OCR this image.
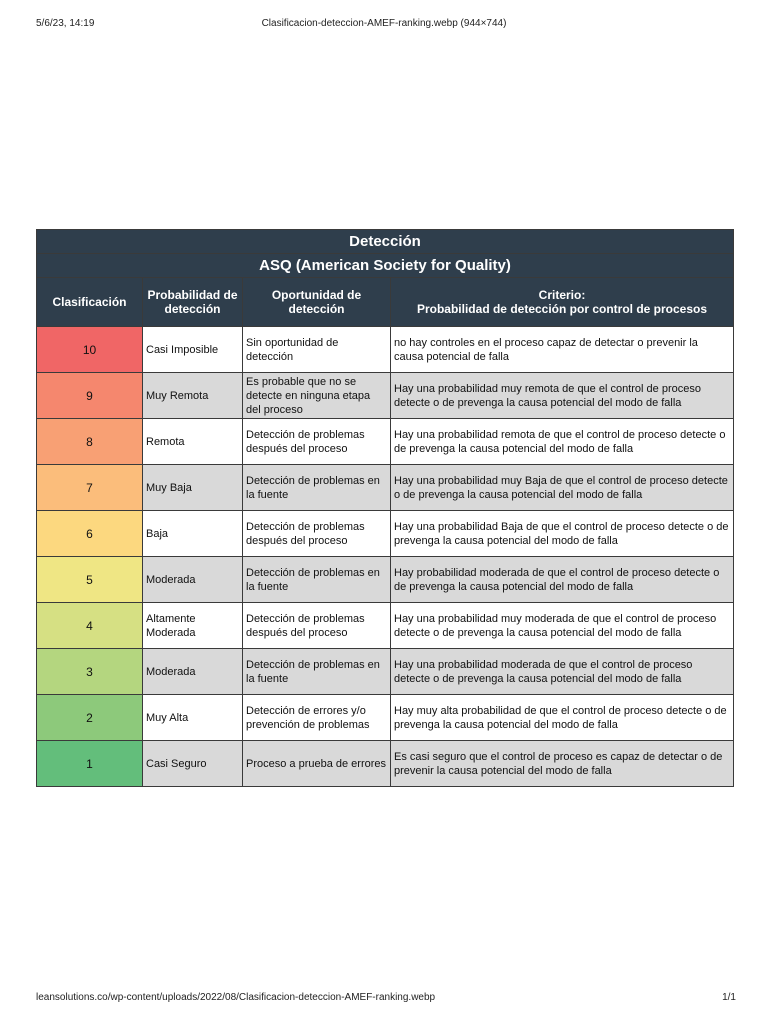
5/6/23, 14:19	Clasificacion-deteccion-AMEF-ranking.webp (944×744)
Detección			
ASQ (American Society for Quality)			
Clasificación	Probabilidad de detección	Oportunidad de detección	Criterio:
Probabilidad de detección por control de procesos
10	Casi Imposible	Sin oportunidad de detección	no hay controles en el proceso capaz de detectar o prevenir la causa potencial de falla
9	Muy Remota	Es probable que no se detecte en ninguna etapa del proceso	Hay una probabilidad muy remota de que el control de proceso detecte o de prevenga la causa potencial del modo de falla
8	Remota	Detección de problemas después del proceso	Hay una probabilidad remota de que el control de proceso detecte o de prevenga la causa potencial del modo de falla
7	Muy Baja	Detección de problemas en la fuente	Hay una probabilidad muy Baja de que el control de proceso detecte o de prevenga la causa potencial del modo de falla
6	Baja	Detección de problemas después del proceso	Hay una probabilidad Baja de que el control de proceso detecte o de prevenga la causa potencial del modo de falla
5	Moderada	Detección de problemas en la fuente	Hay probabilidad moderada de que el control de proceso detecte o de prevenga la causa potencial del modo de falla
4	Altamente Moderada	Detección de problemas después del proceso	Hay una probabilidad muy moderada de que el control de proceso detecte o de prevenga la causa potencial del modo de falla
3	Moderada	Detección de problemas en la fuente	Hay una probabilidad moderada de que el control de proceso detecte o de prevenga la causa potencial del modo de falla
2	Muy Alta	Detección de errores y/o prevención de problemas	Hay muy alta probabilidad de que el control de proceso detecte o de prevenga la causa potencial del modo de falla
1	Casi Seguro	Proceso a prueba de errores	Es casi seguro que el control de proceso es capaz de detectar o de prevenir la causa potencial del modo de falla
leansolutions.co/wp-content/uploads/2022/08/Clasificacion-deteccion-AMEF-ranking.webp	1/1
